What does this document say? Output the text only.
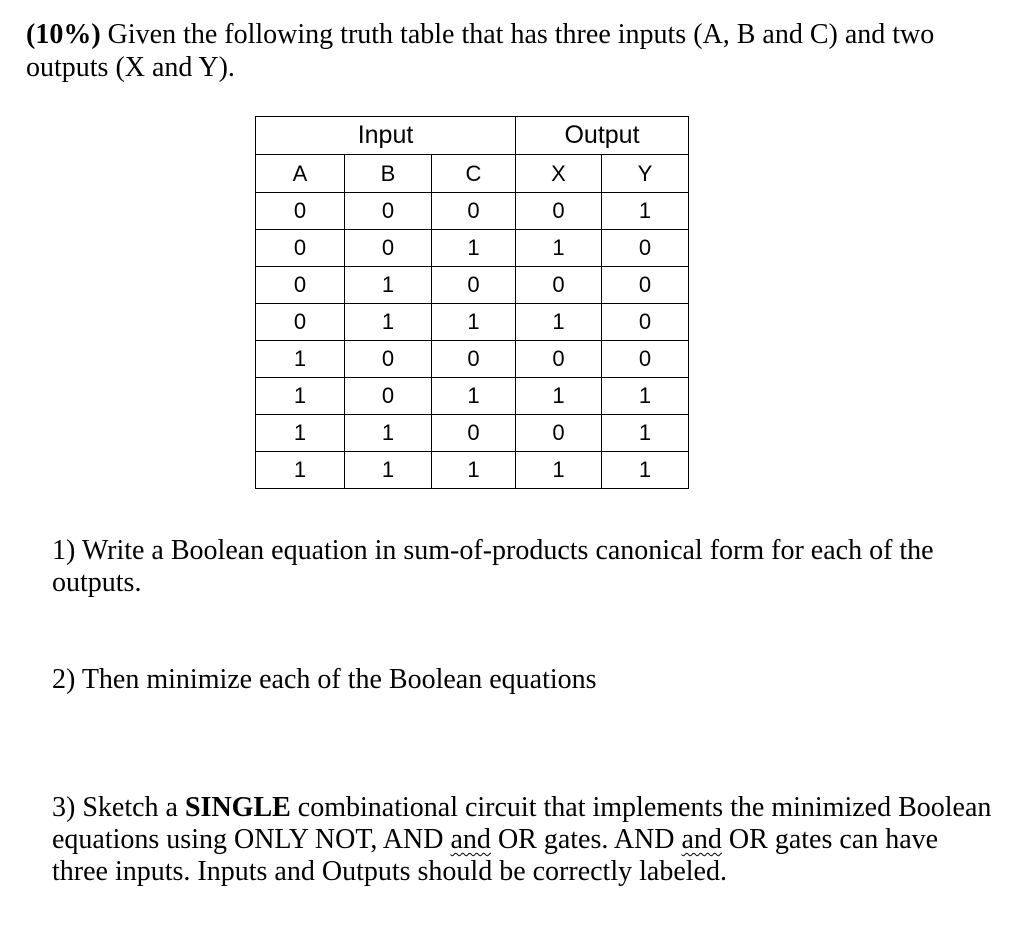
(10%) Given the following truth table that has three inputs (A, B and C) and two outputs (X and Y).

Input			Output	
A	B	C	X	Y
0	0	0	0	1
0	0	1	1	0
0	1	0	0	0
0	1	1	1	0
1	0	0	0	0
1	0	1	1	1
1	1	0	0	1
1	1	1	1	1

1) Write a Boolean equation in sum-of-products canonical form for each of the outputs.

2) Then minimize each of the Boolean equations

3) Sketch a SINGLE combinational circuit that implements the minimized Boolean equations using ONLY NOT, AND and OR gates. AND and OR gates can have three inputs. Inputs and Outputs should be correctly labeled.
